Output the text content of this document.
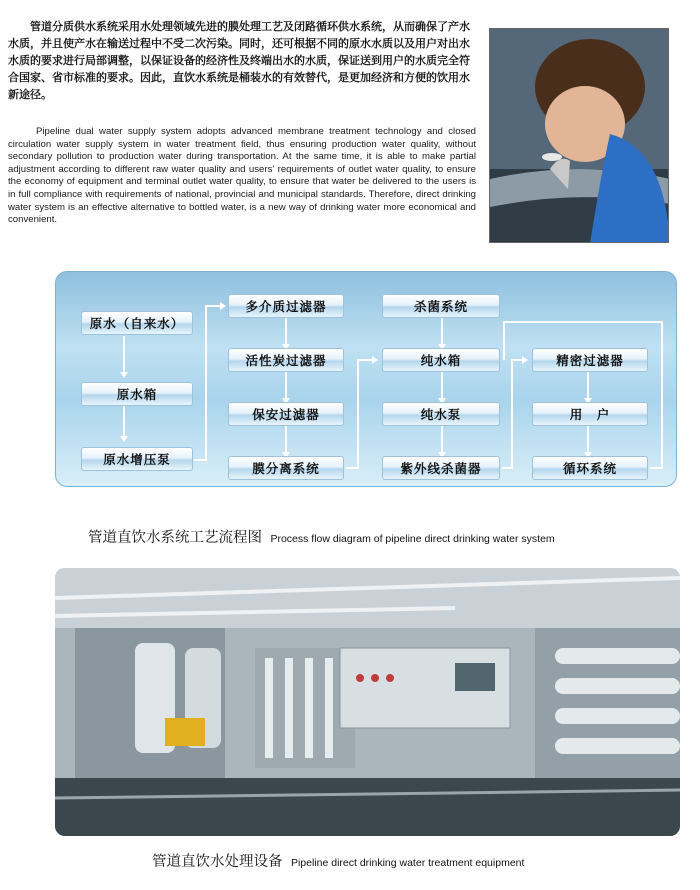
管道分质供水系统采用水处理领域先进的膜处理工艺及闭路循环供水系统，从而确保了产水水质，并且使产水在输送过程中不受二次污染。同时，还可根据不同的原水水质以及用户对出水水质的要求进行局部调整，以保证设备的经济性及终端出水的水质，保证送到用户的水质完全符合国家、省市标准的要求。因此，直饮水系统是桶装水的有效替代，是更加经济和方便的饮用水新途径。

Pipeline dual water supply system adopts advanced membrane treatment technology and closed circulation water supply system in water treatment field, thus ensuring production water quality, without secondary pollution to production water during transportation. At the same time, it is able to make partial adjustment according to different raw water quality and users' requirements of outlet water quality, to ensure the economy of equipment and terminal outlet water quality, to ensure that water be delivered to the users is in full compliance with requirements of national, provincial and municipal standards. Therefore, direct drinking water system is an effective alternative to bottled water, is a new way of drinking water more economical and convenient.

原水（自来水）
原水箱
原水增压泵
多介质过滤器
活性炭过滤器
保安过滤器
膜分离系统
杀菌系统
纯水箱
纯水泵
紫外线杀菌器
精密过滤器
用　户
循环系统
管道直饮水系统工艺流程图 Process flow diagram of pipeline direct drinking water system
管道直饮水处理设备 Pipeline direct drinking water treatment equipment
